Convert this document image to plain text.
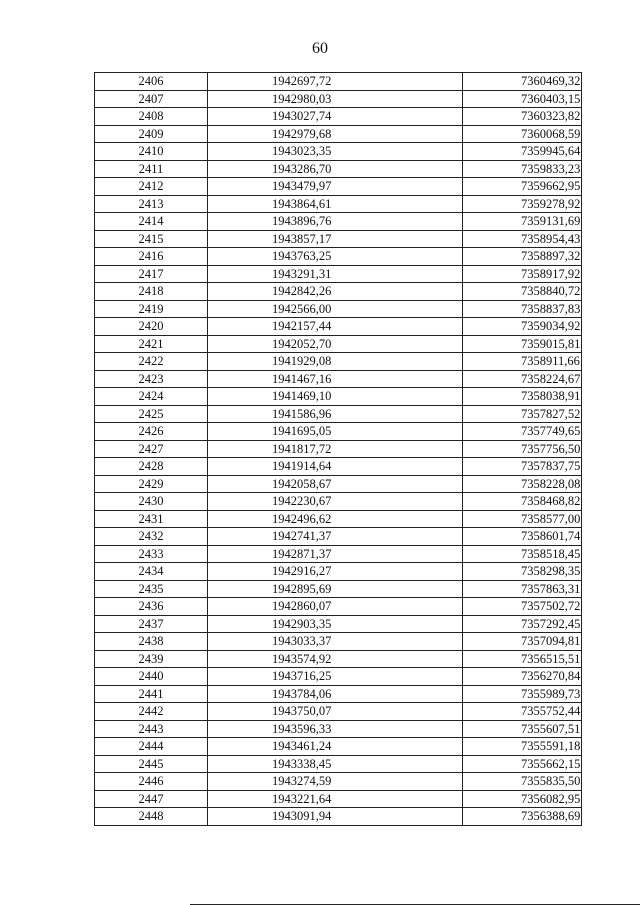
60
2406	1942697,72	7360469,32
2407	1942980,03	7360403,15
2408	1943027,74	7360323,82
2409	1942979,68	7360068,59
2410	1943023,35	7359945,64
2411	1943286,70	7359833,23
2412	1943479,97	7359662,95
2413	1943864,61	7359278,92
2414	1943896,76	7359131,69
2415	1943857,17	7358954,43
2416	1943763,25	7358897,32
2417	1943291,31	7358917,92
2418	1942842,26	7358840,72
2419	1942566,00	7358837,83
2420	1942157,44	7359034,92
2421	1942052,70	7359015,81
2422	1941929,08	7358911,66
2423	1941467,16	7358224,67
2424	1941469,10	7358038,91
2425	1941586,96	7357827,52
2426	1941695,05	7357749,65
2427	1941817,72	7357756,50
2428	1941914,64	7357837,75
2429	1942058,67	7358228,08
2430	1942230,67	7358468,82
2431	1942496,62	7358577,00
2432	1942741,37	7358601,74
2433	1942871,37	7358518,45
2434	1942916,27	7358298,35
2435	1942895,69	7357863,31
2436	1942860,07	7357502,72
2437	1942903,35	7357292,45
2438	1943033,37	7357094,81
2439	1943574,92	7356515,51
2440	1943716,25	7356270,84
2441	1943784,06	7355989,73
2442	1943750,07	7355752,44
2443	1943596,33	7355607,51
2444	1943461,24	7355591,18
2445	1943338,45	7355662,15
2446	1943274,59	7355835,50
2447	1943221,64	7356082,95
2448	1943091,94	7356388,69
